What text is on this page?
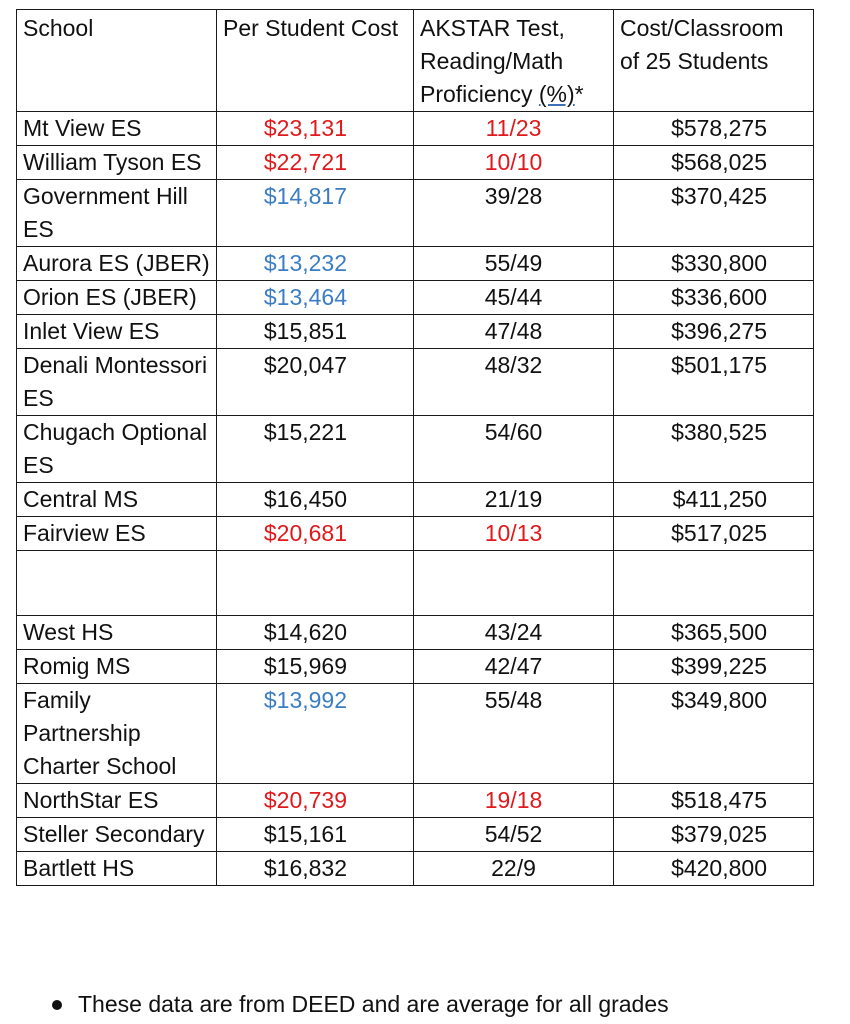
School	Per Student Cost	AKSTAR Test,
Reading/Math
Proficiency (%)*	Cost/Classroom of 25 Students
Mt View ES	$23,131	11/23	$578,275
William Tyson ES	$22,721	10/10	$568,025
Government Hill ES	$14,817	39/28	$370,425
Aurora ES (JBER)	$13,232	55/49	$330,800
Orion ES (JBER)	$13,464	45/44	$336,600
Inlet View ES	$15,851	47/48	$396,275
Denali Montessori ES	$20,047	48/32	$501,175
Chugach Optional ES	$15,221	54/60	$380,525
Central MS	$16,450	21/19	$411,250
Fairview ES	$20,681	10/13	$517,025

West HS	$14,620	43/24	$365,500
Romig MS	$15,969	42/47	$399,225
Family Partnership Charter School	$13,992	55/48	$349,800
NorthStar ES	$20,739	19/18	$518,475
Steller Secondary	$15,161	54/52	$379,025
Bartlett HS	$16,832	22/9	$420,800
These data are from DEED and are average for all grades
